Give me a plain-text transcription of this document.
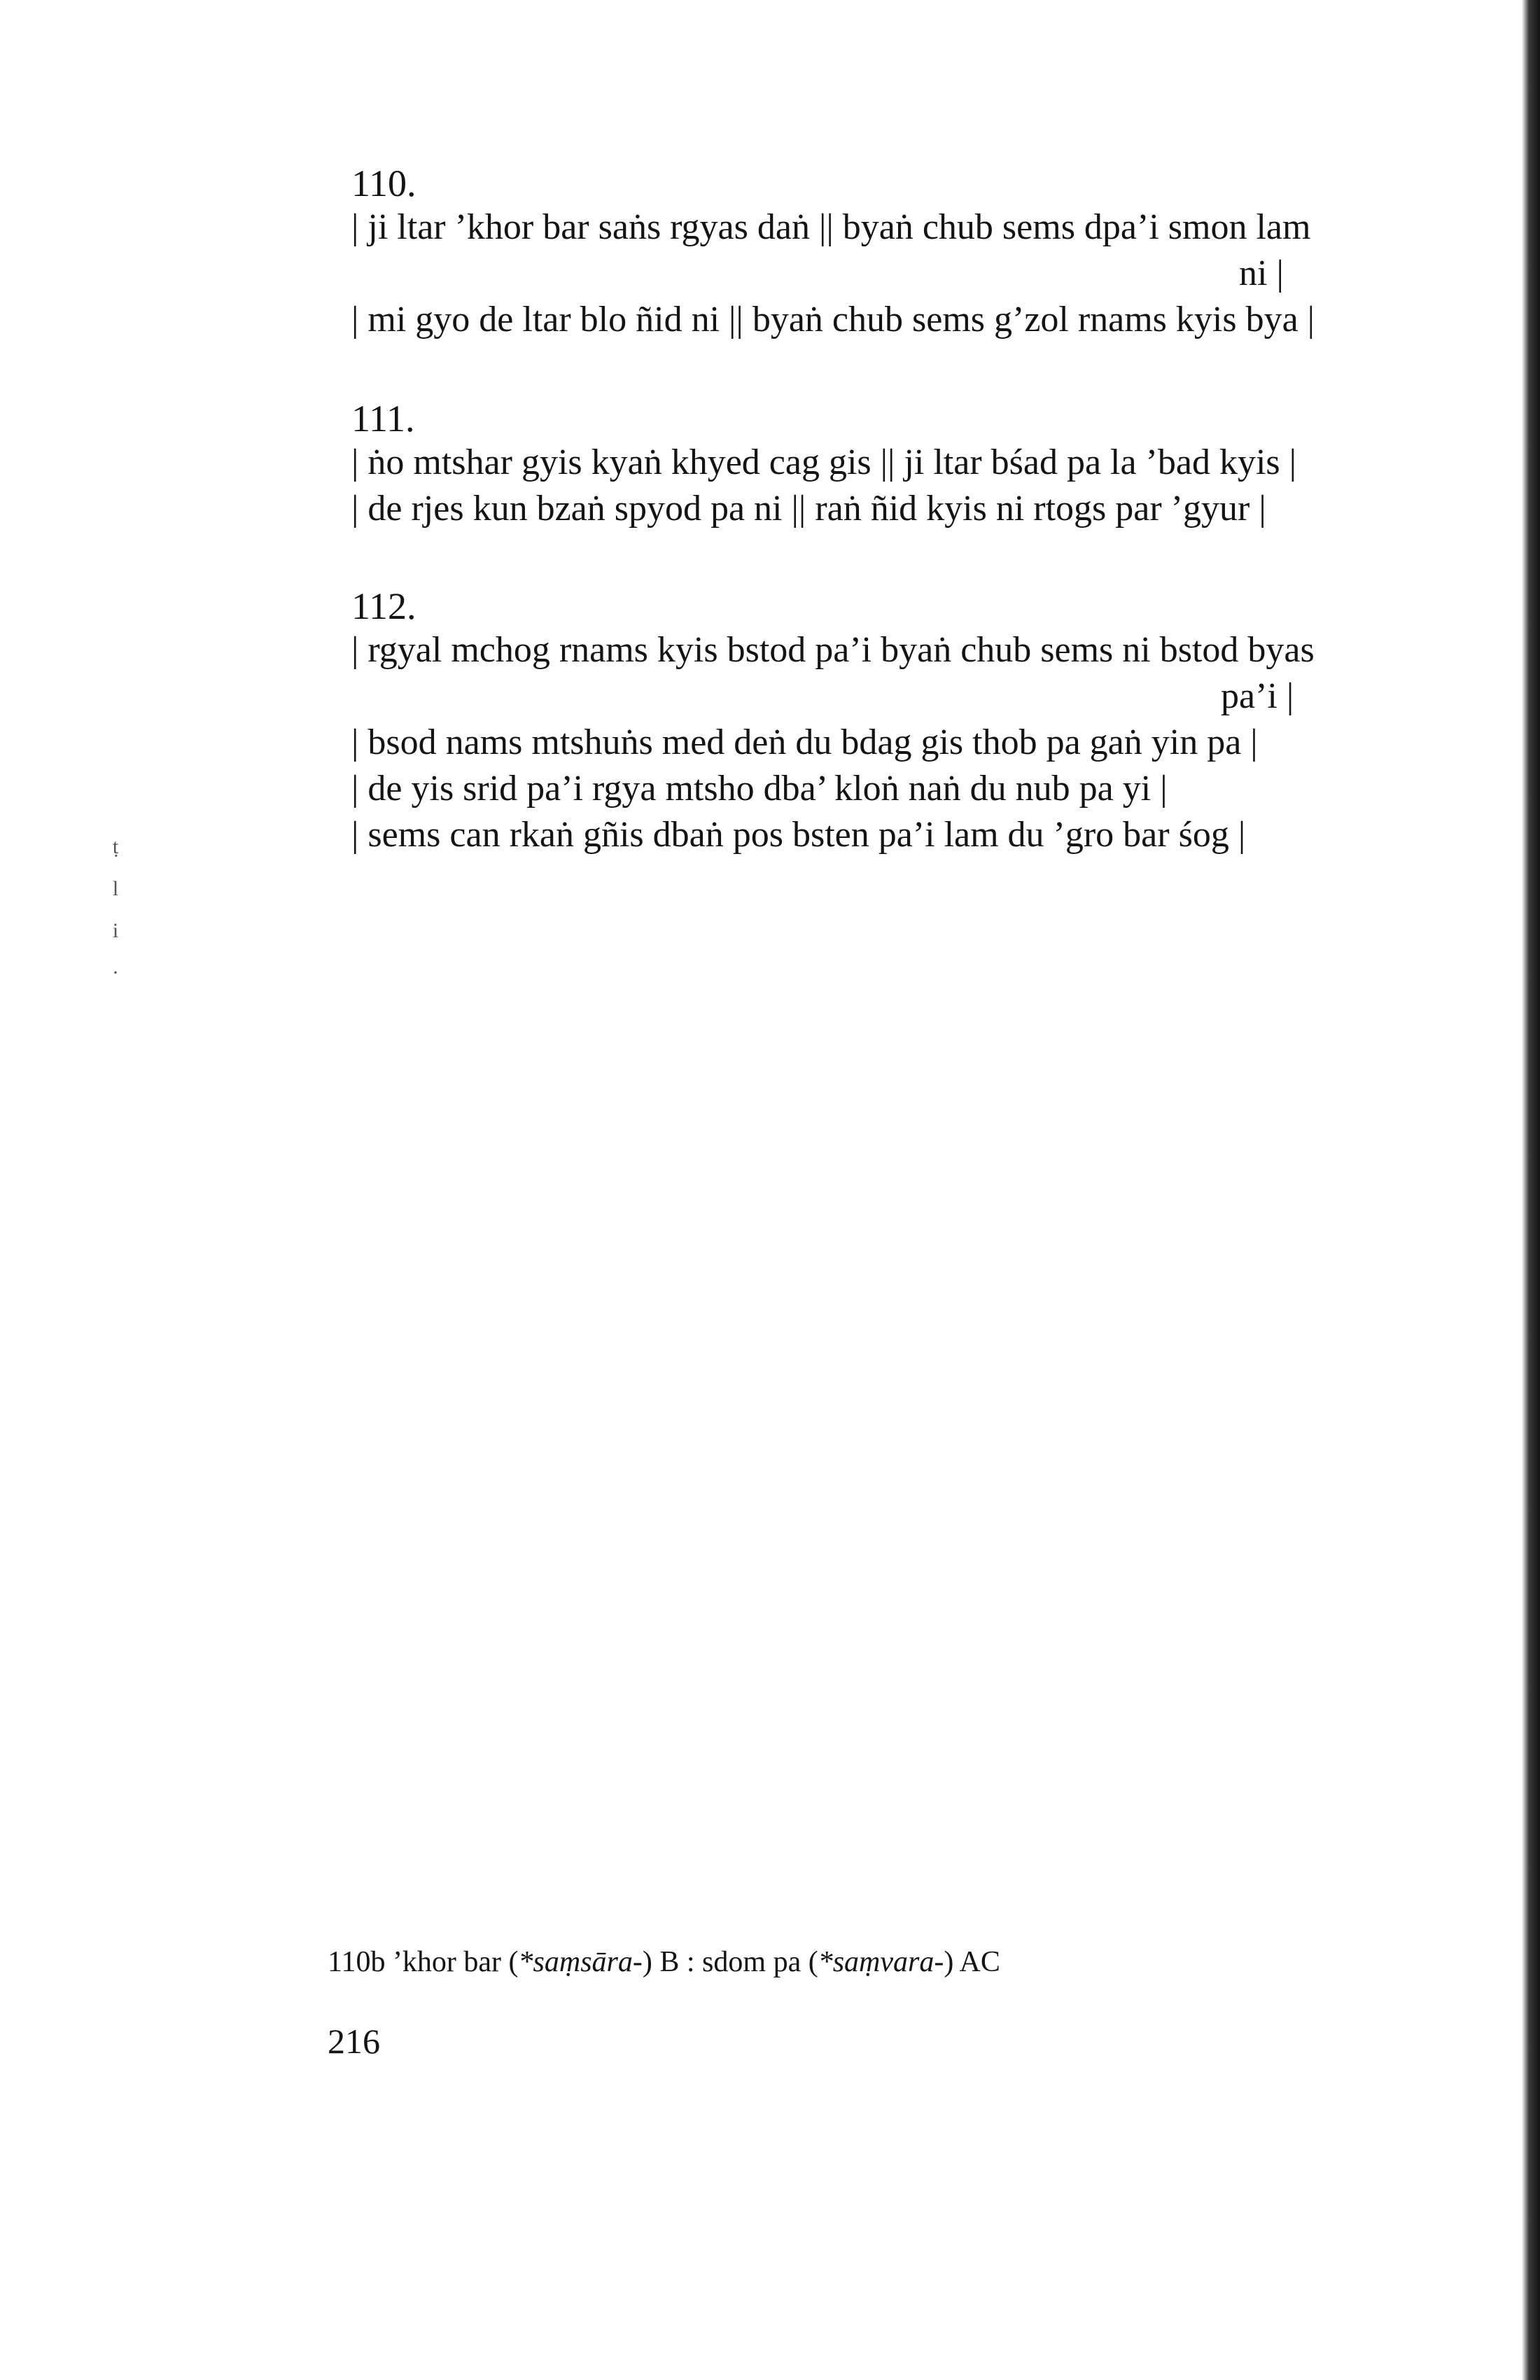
ṭ
l
i
·

110.

| ji ltar ’khor bar saṅs rgyas daṅ || byaṅ chub sems dpa’i smon lam

ni |

| mi gyo de ltar blo ñid ni || byaṅ chub sems g’zol rnams kyis bya |

111.

| ṅo mtshar gyis kyaṅ khyed cag gis || ji ltar bśad pa la ’bad kyis |

| de rjes kun bzaṅ spyod pa ni || raṅ ñid kyis ni rtogs par ’gyur |

112.

| rgyal mchog rnams kyis bstod pa’i byaṅ chub sems ni bstod byas

pa’i |

| bsod nams mtshuṅs med deṅ du bdag gis thob pa gaṅ yin pa |

| de yis srid pa’i rgya mtsho dba’ kloṅ naṅ du nub pa yi |

| sems can rkaṅ gñis dbaṅ pos bsten pa’i lam du ’gro bar śog |

110b ’khor bar (*saṃsāra-) B : sdom pa (*saṃvara-) AC
216
